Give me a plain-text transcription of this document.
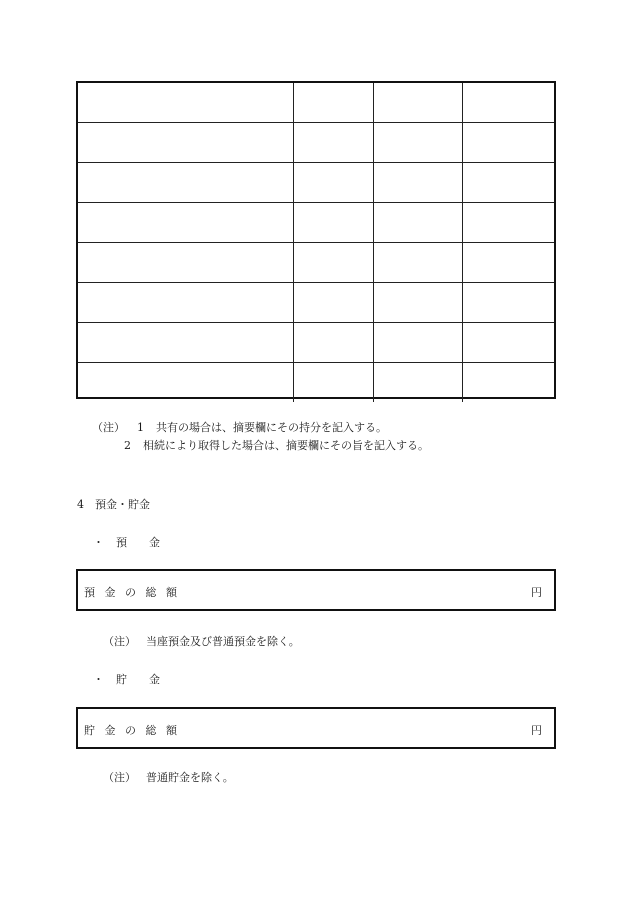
（注） 1 共有の場合は、摘要欄にその持分を記入する。
2 相続により取得した場合は、摘要欄にその旨を記入する。
4　預金・貯金
・ 預　　金
預 金 の 総 額	円
（注） 当座預金及び普通預金を除く。
・ 貯　　金
貯 金 の 総 額	円
（注） 普通貯金を除く。
